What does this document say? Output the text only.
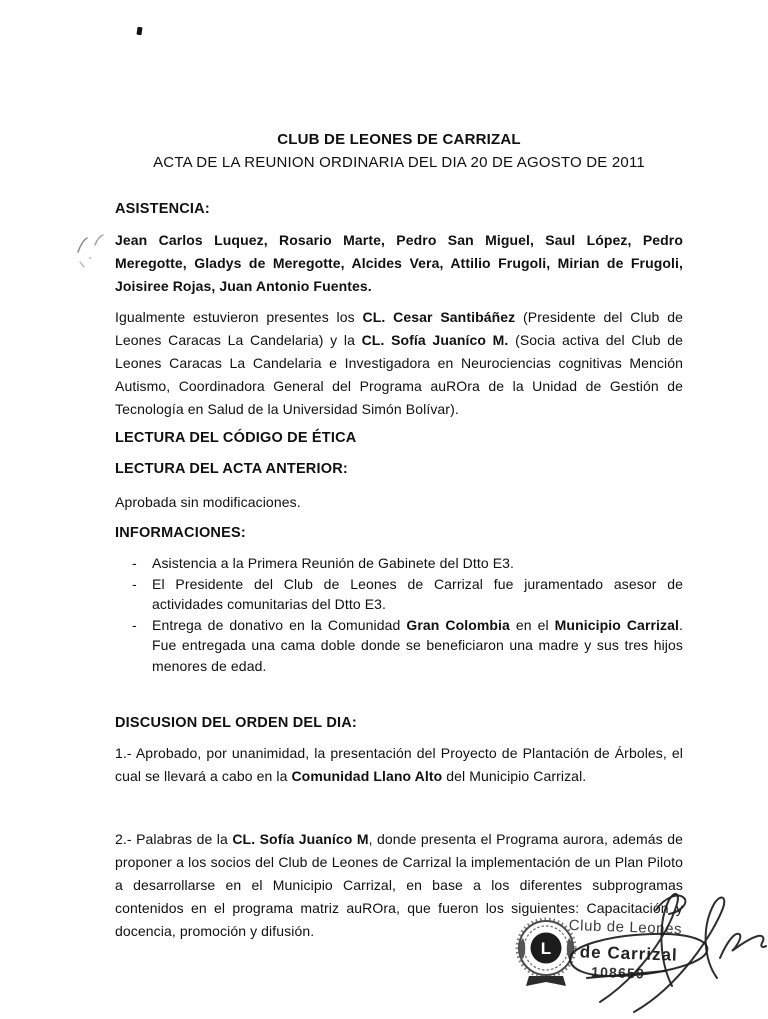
CLUB DE LEONES DE CARRIZAL
ACTA DE LA REUNION ORDINARIA DEL DIA 20 DE AGOSTO DE 2011
ASISTENCIA:

Jean Carlos Luquez, Rosario Marte, Pedro San Miguel, Saul López, Pedro Meregotte, Gladys de Meregotte, Alcides Vera, Attilio Frugoli, Mirian de Frugoli, Joisiree Rojas, Juan Antonio Fuentes.

Igualmente estuvieron presentes los CL. Cesar Santibáñez (Presidente del Club de Leones Caracas La Candelaria) y la CL. Sofía Juaníco M. (Socia activa del Club de Leones Caracas La Candelaria e Investigadora en Neurociencias cognitivas Mención Autismo, Coordinadora General del Programa auROra de la Unidad de Gestión de Tecnología en Salud de la Universidad Simón Bolívar).

LECTURA DEL CÓDIGO DE ÉTICA
LECTURA DEL ACTA ANTERIOR:

Aprobada sin modificaciones.

INFORMACIONES:
-	Asistencia a la Primera Reunión de Gabinete del Dtto E3.
-	El Presidente del Club de Leones de Carrizal fue juramentado asesor de actividades comunitarias del Dtto E3.
-	Entrega de donativo en la Comunidad Gran Colombia en el Municipio Carrizal. Fue entregada una cama doble donde se beneficiaron una madre y sus tres hijos menores de edad.
DISCUSION DEL ORDEN DEL DIA:

1.- Aprobado, por unanimidad, la presentación del Proyecto de Plantación de Árboles, el cual se llevará a cabo en la Comunidad Llano Alto del Municipio Carrizal.

2.- Palabras de la CL. Sofía Juaníco M, donde presenta el Programa aurora, además de proponer a los socios del Club de Leones de Carrizal la implementación de un Plan Piloto a desarrollarse en el Municipio Carrizal, en base a los diferentes subprogramas contenidos en el programa matriz auROra, que fueron los siguientes: Capacitación y docencia, promoción y difusión.

L
Club de Leones
de Carrizal
108659
